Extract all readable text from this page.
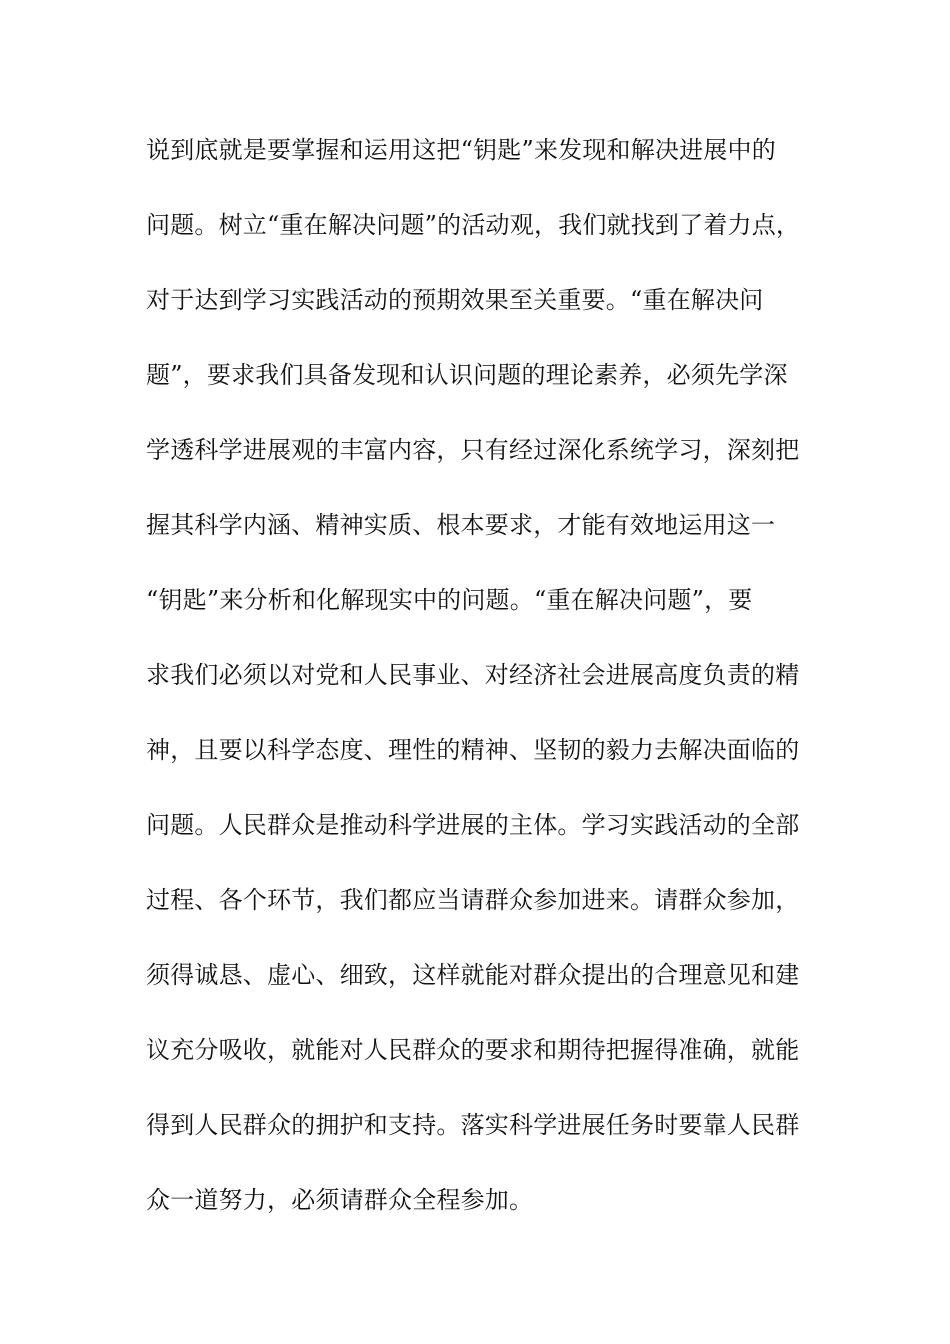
说到底就是要掌握和运用这把“钥匙”来发现和解决进展中的
问题。树立“重在解决问题”的活动观，我们就找到了着力点，
对于达到学习实践活动的预期效果至关重要。“重在解决问
题”，要求我们具备发现和认识问题的理论素养，必须先学深
学透科学进展观的丰富内容，只有经过深化系统学习，深刻把
握其科学内涵、精神实质、根本要求，才能有效地运用这一
“钥匙”来分析和化解现实中的问题。“重在解决问题”，要
求我们必须以对党和人民事业、对经济社会进展高度负责的精
神，且要以科学态度、理性的精神、坚韧的毅力去解决面临的
问题。人民群众是推动科学进展的主体。学习实践活动的全部
过程、各个环节，我们都应当请群众参加进来。请群众参加，
须得诚恳、虚心、细致，这样就能对群众提出的合理意见和建
议充分吸收，就能对人民群众的要求和期待把握得准确，就能
得到人民群众的拥护和支持。落实科学进展任务时要靠人民群
众一道努力，必须请群众全程参加。
